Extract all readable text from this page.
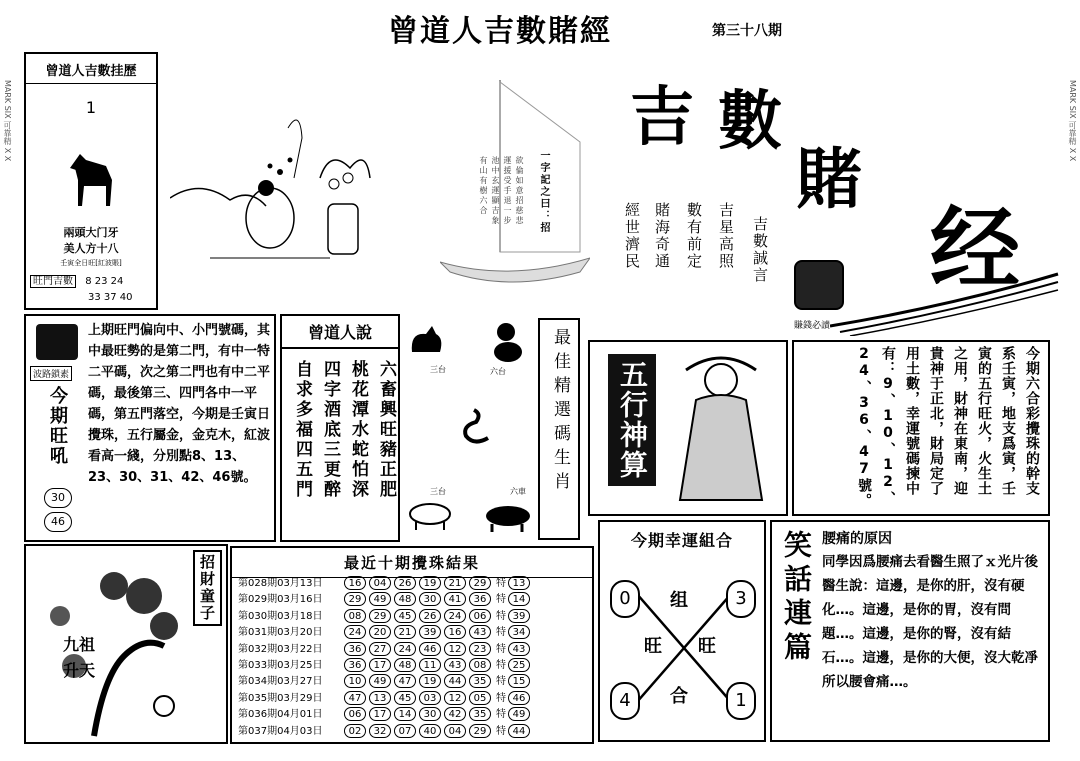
曾道人吉數賭經	第三十八期
MARK SIX 可靠精 X X	MARK SIX 可靠精 X X
曾道人吉數挂歷
1
兩頭大门牙
美人方十八
壬寅全日旺[紅波賬]
旺門吉數 8 23 24
33 37 40
一字記之曰：招
欲倫如意招慈悲
運援受手退一步
池中玄運顯吉象
有山有樹六合
吉 數
賭
经
經世濟民 賭海奇通 數有前定 吉星高照 吉數誠言
賺錢必讀
波路鎖素
今期旺吼
30
46
上期旺門偏向中、小門號碼，其中最旺勢的是第二門，有中一特二平碼，次之第二門也有中二平碼，最後第三、四門各中一平碼，第五門落空，今期是壬寅日攪珠，五行屬金，金克木，紅波看高一綫，分別點8、13、23、30、31、42、46號。
曾道人說
六畜興旺豬正肥
桃花潭水蛇怕深
四字酒底三更醉
自求多福四五門	三台	六台
三台	六車 最佳精選碼生肖 五行神算	今期六合彩攪珠的幹支系壬寅，地支爲寅，壬寅的五行旺火，火生土之用，財神在東南，迎貴神于正北，財局定了用土數，幸運號碼揀中有：9、10、12、24、36、47號。
今期幸運組合
0	3
4	1
组
旺 旺
合
笑話連篇 腰痛的原因
同學因爲腰痛去看醫生照了ｘ光片後醫生說：這邊，是你的肝，沒有硬化…。這邊，是你的胃，沒有問題…。這邊，是你的腎，沒有結石…。這邊，是你的大便，沒大乾凈所以腰會痛…。
招財童子
九祖升天
最近十期攪珠結果
第028期03月13日	16 04 26 19 21 29 特 13
第029期03月16日	29 49 48 30 41 36 特 14
第030期03月18日	08 29 45 26 24 06 特 39
第031期03月20日	24 20 21 39 16 43 特 34
第032期03月22日	36 27 24 46 12 23 特 43
第033期03月25日	36 17 48 11 43 08 特 25
第034期03月27日	10 49 47 19 44 35 特 15
第035期03月29日	47 13 45 03 12 05 特 46
第036期04月01日	06 17 14 30 42 35 特 49
第037期04月03日	02 32 07 40 04 29 特 44
